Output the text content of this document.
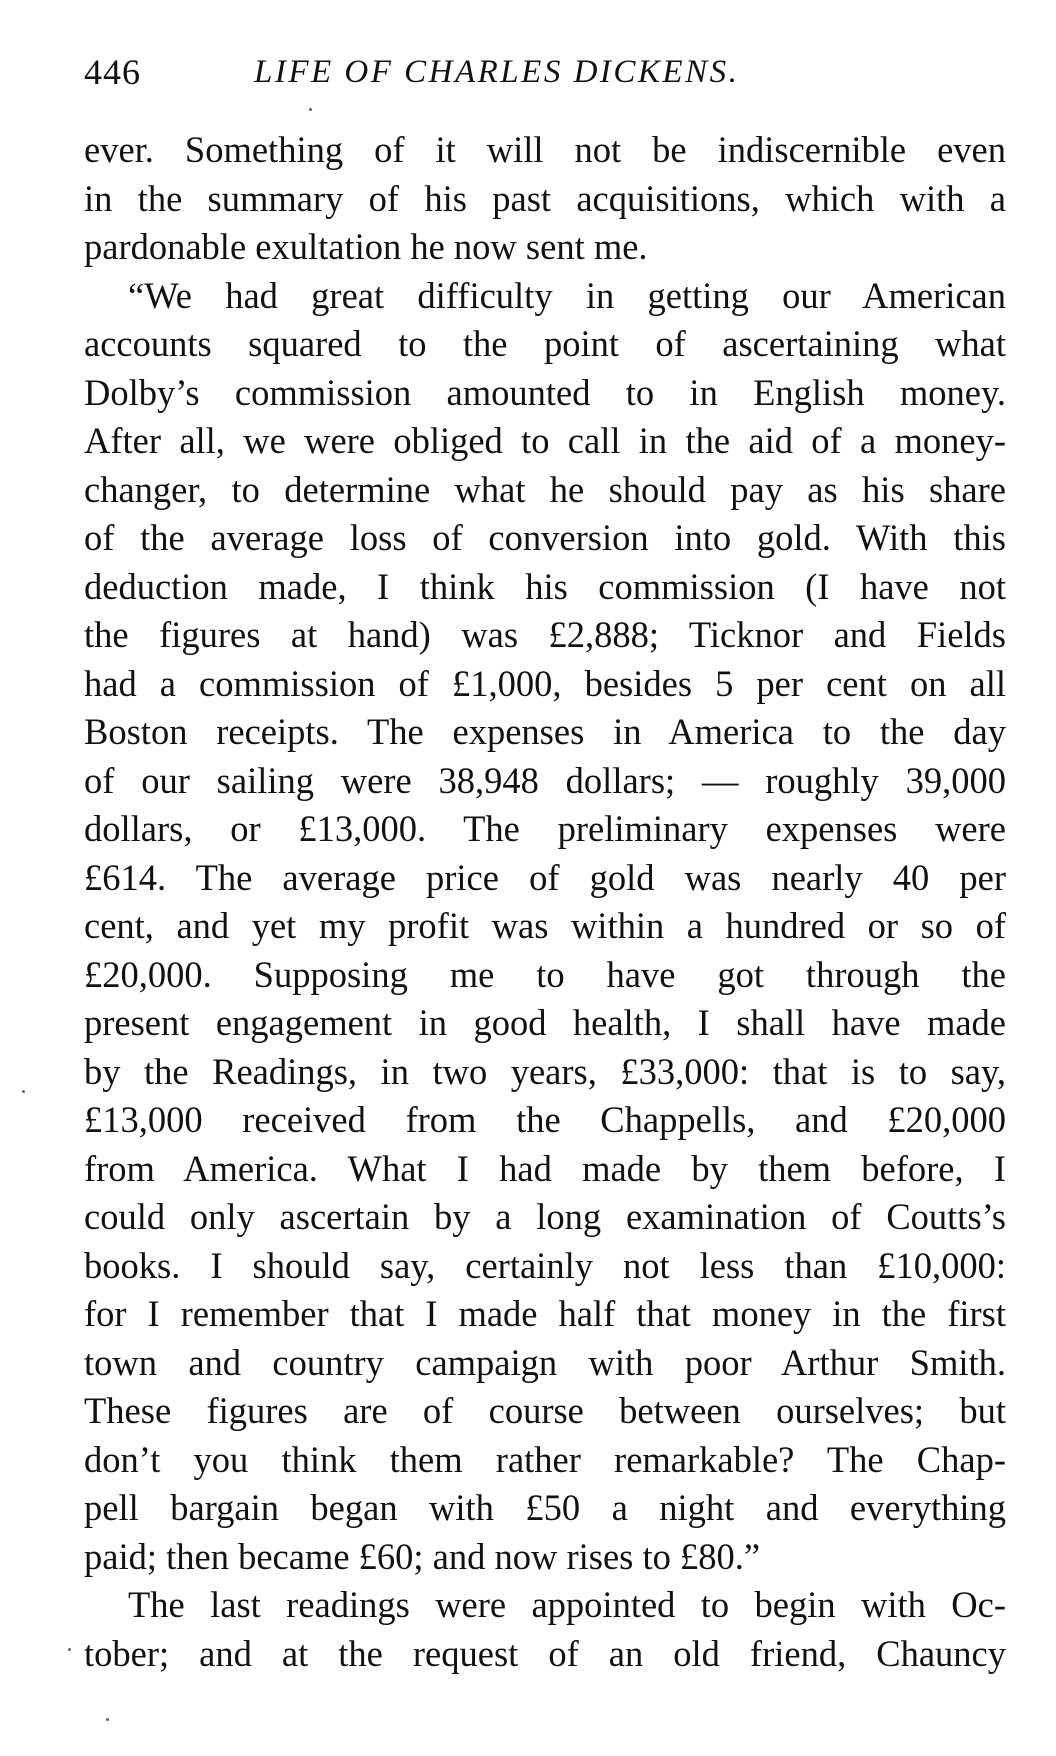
446	LIFE OF CHARLES DICKENS.
ever. Something of it will not be indiscernible even
in the summary of his past acquisitions, which with a
pardonable exultation he now sent me.
“We had great difficulty in getting our American
accounts squared to the point of ascertaining what
Dolby’s commission amounted to in English money.
After all, we were obliged to call in the aid of a money-
changer, to determine what he should pay as his share
of the average loss of conversion into gold. With this
deduction made, I think his commission (I have not
the figures at hand) was £2,888; Ticknor and Fields
had a commission of £1,000, besides 5 per cent on all
Boston receipts. The expenses in America to the day
of our sailing were 38,948 dollars; — roughly 39,000
dollars, or £13,000. The preliminary expenses were
£614. The average price of gold was nearly 40 per
cent, and yet my profit was within a hundred or so of
£20,000. Supposing me to have got through the
present engagement in good health, I shall have made
by the Readings, in two years, £33,000: that is to say,
£13,000 received from the Chappells, and £20,000
from America. What I had made by them before, I
could only ascertain by a long examination of Coutts’s
books. I should say, certainly not less than £10,000:
for I remember that I made half that money in the first
town and country campaign with poor Arthur Smith.
These figures are of course between ourselves; but
don’t you think them rather remarkable? The Chap-
pell bargain began with £50 a night and everything
paid; then became £60; and now rises to £80.”
The last readings were appointed to begin with Oc-
tober; and at the request of an old friend, Chauncy
